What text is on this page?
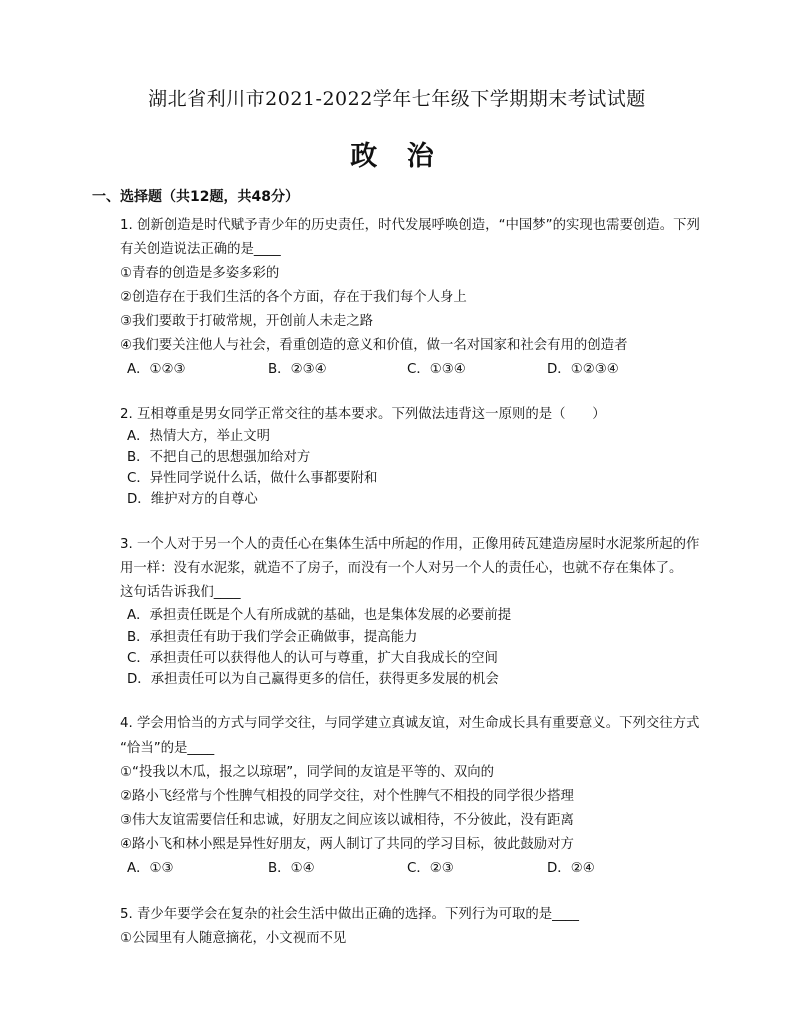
湖北省利川市2021-2022学年七年级下学期期末考试试题
政 治
一、选择题（共12题，共48分）
1. 创新创造是时代赋予青少年的历史责任，时代发展呼唤创造，“中国梦”的实现也需要创造。下列
有关创造说法正确的是____
①青春的创造是多姿多彩的
②创造存在于我们生活的各个方面，存在于我们每个人身上
③我们要敢于打破常规，开创前人未走之路
④我们要关注他人与社会，看重创造的意义和价值，做一名对国家和社会有用的创造者
A．①②③	B．②③④	C．①③④	D．①②③④
2. 互相尊重是男女同学正常交往的基本要求。下列做法违背这一原则的是（　　）
A．热情大方，举止文明
B．不把自己的思想强加给对方
C．异性同学说什么话，做什么事都要附和
D．维护对方的自尊心
3. 一个人对于另一个人的责任心在集体生活中所起的作用，正像用砖瓦建造房屋时水泥浆所起的作
用一样：没有水泥浆，就造不了房子，而没有一个人对另一个人的责任心，也就不存在集体了。
这句话告诉我们____
A．承担责任既是个人有所成就的基础，也是集体发展的必要前提
B．承担责任有助于我们学会正确做事，提高能力
C．承担责任可以获得他人的认可与尊重，扩大自我成长的空间
D．承担责任可以为自己赢得更多的信任，获得更多发展的机会
4. 学会用恰当的方式与同学交往，与同学建立真诚友谊，对生命成长具有重要意义。下列交往方式
“恰当”的是____
①“投我以木瓜，报之以琼琚”，同学间的友谊是平等的、双向的
②路小飞经常与个性脾气相投的同学交往，对个性脾气不相投的同学很少搭理
③伟大友谊需要信任和忠诚，好朋友之间应该以诚相待，不分彼此，没有距离
④路小飞和林小熙是异性好朋友，两人制订了共同的学习目标，彼此鼓励对方
A．①③	B．①④	C．②③	D．②④
5. 青少年要学会在复杂的社会生活中做出正确的选择。下列行为可取的是____
①公园里有人随意摘花，小文视而不见
